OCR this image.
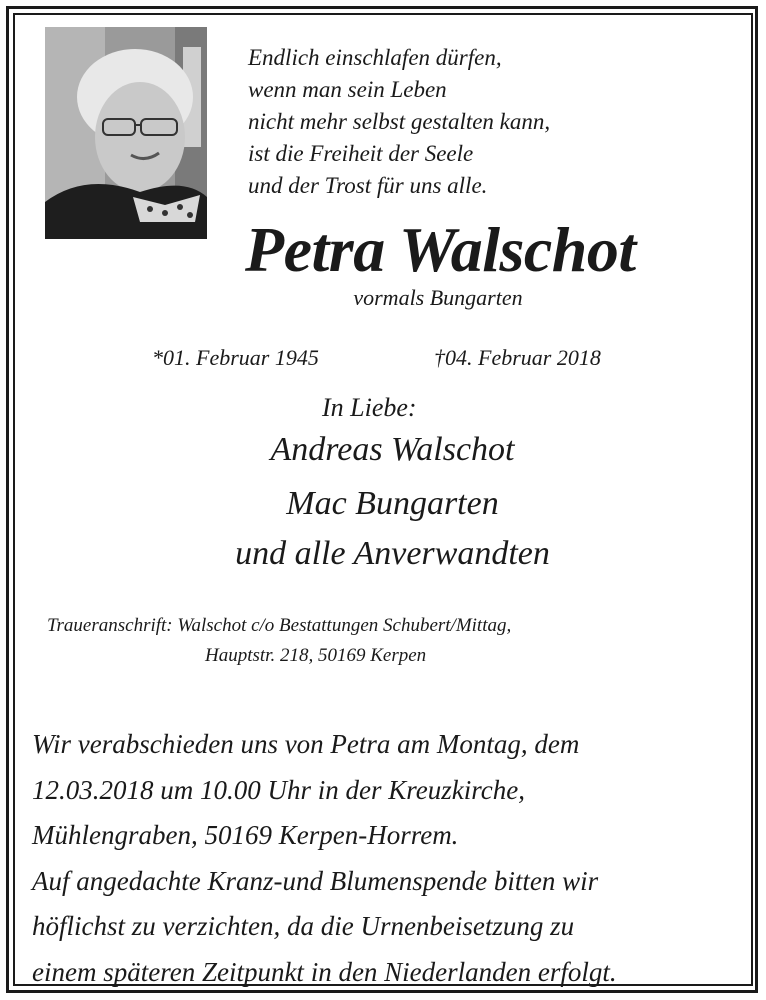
Endlich einschlafen dürfen,
wenn man sein Leben
nicht mehr selbst gestalten kann,
ist die Freiheit der Seele
und der Trost für uns alle.
Petra Walschot
vormals Bungarten
*01. Februar 1945	†04. Februar 2018
In Liebe:
Andreas Walschot
Mac Bungarten
und alle Anverwandten
Traueranschrift: Walschot c/o Bestattungen Schubert/Mittag,
Hauptstr. 218, 50169 Kerpen
Wir verabschieden uns von Petra am Montag, dem
12.03.2018 um 10.00 Uhr in der Kreuzkirche,
Mühlengraben, 50169 Kerpen-Horrem.
Auf angedachte Kranz-und Blumenspende bitten wir
höflichst zu verzichten, da die Urnenbeisetzung zu
einem späteren Zeitpunkt in den Niederlanden erfolgt.
